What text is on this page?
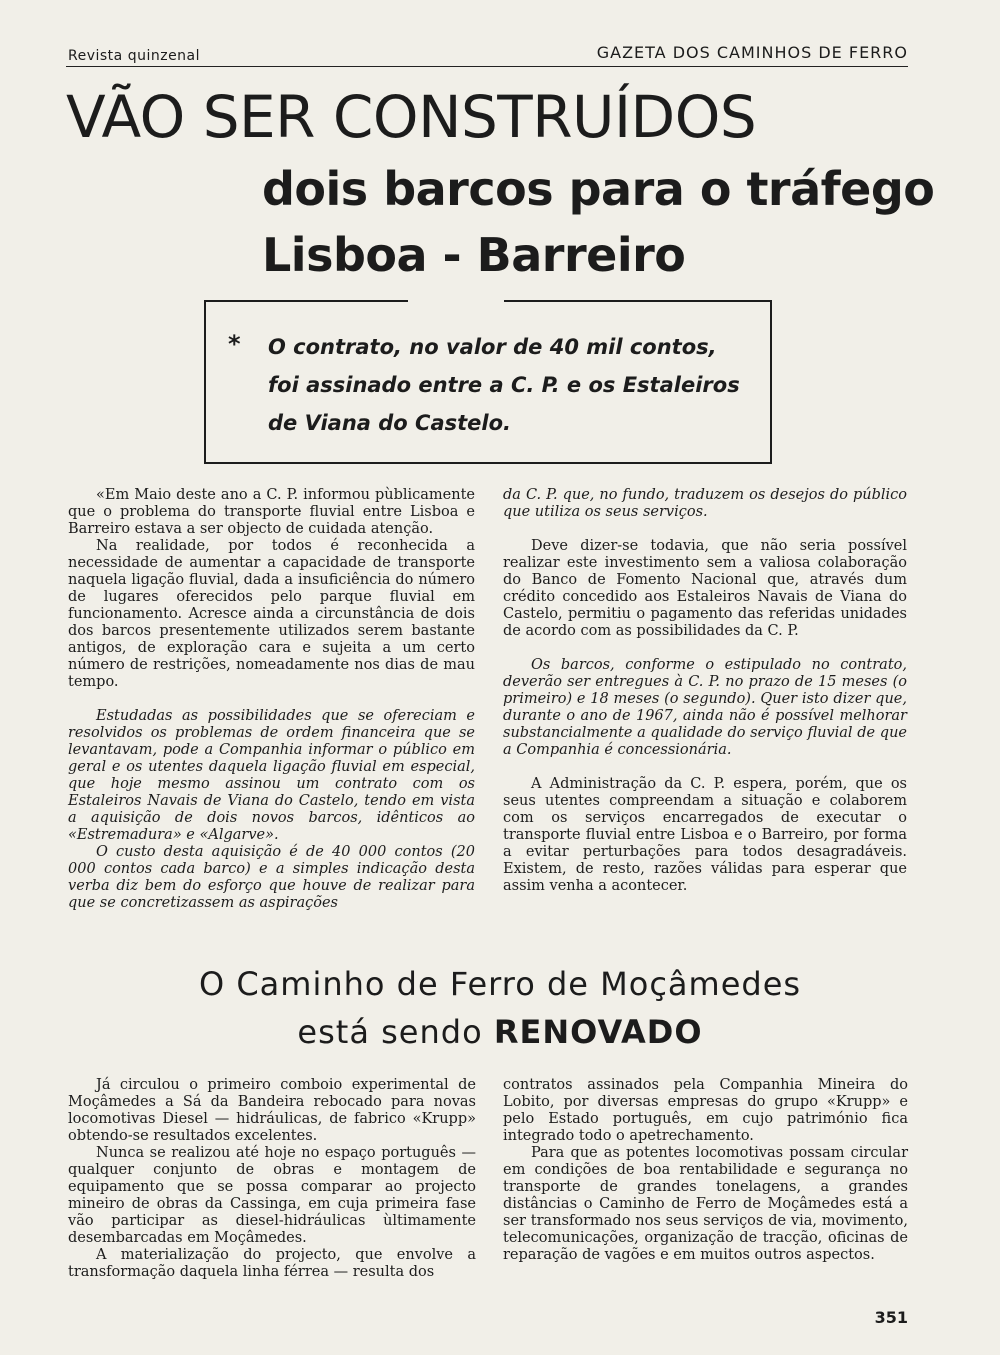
Revista quinzenal	GAZETA DOS CAMINHOS DE FERRO
VÃO SER CONSTRUÍDOS
dois barcos para o tráfego
Lisboa - Barreiro
* O contrato, no valor de 40 mil contos,
foi assinado entre a C. P. e os Estaleiros
de Viana do Castelo.

«Em Maio deste ano a C. P. informou pùblicamente que o problema do transporte fluvial entre Lisboa e Barreiro estava a ser objecto de cuidada atenção.

Na realidade, por todos é reconhecida a necessidade de aumentar a capacidade de transporte naquela ligação fluvial, dada a insuficiência do número de lugares oferecidos pelo parque fluvial em funcionamento. Acresce ainda a circunstância de dois dos barcos presentemente utilizados serem bastante antigos, de exploração cara e sujeita a um certo número de restrições, nomeadamente nos dias de mau tempo.

Estudadas as possibilidades que se ofereciam e resolvidos os problemas de ordem financeira que se levantavam, pode a Companhia informar o público em geral e os utentes daquela ligação fluvial em especial, que hoje mesmo assinou um contrato com os Estaleiros Navais de Viana do Castelo, tendo em vista a aquisição de dois novos barcos, idênticos ao «Estremadura» e «Algarve».

O custo desta aquisição é de 40 000 contos (20 000 contos cada barco) e a simples indicação desta verba diz bem do esforço que houve de realizar para que se concretizassem as aspirações

da C. P. que, no fundo, traduzem os desejos do público que utiliza os seus serviços.

Deve dizer-se todavia, que não seria possível realizar este investimento sem a valiosa colaboração do Banco de Fomento Nacional que, através dum crédito concedido aos Estaleiros Navais de Viana do Castelo, permitiu o pagamento das referidas unidades de acordo com as possibilidades da C. P.

Os barcos, conforme o estipulado no contrato, deverão ser entregues à C. P. no prazo de 15 meses (o primeiro) e 18 meses (o segundo). Quer isto dizer que, durante o ano de 1967, ainda não é possível melhorar substancialmente a qualidade do serviço fluvial de que a Companhia é concessionária.

A Administração da C. P. espera, porém, que os seus utentes compreendam a situação e colaborem com os serviços encarregados de executar o transporte fluvial entre Lisboa e o Barreiro, por forma a evitar perturbações para todos desagradáveis. Existem, de resto, razões válidas para esperar que assim venha a acontecer.

O Caminho de Ferro de Moçâmedes
está sendo RENOVADO

Já circulou o primeiro comboio experimental de Moçâmedes a Sá da Bandeira rebocado para novas locomotivas Diesel — hidráulicas, de fabrico «Krupp» obtendo-se resultados excelentes.

Nunca se realizou até hoje no espaço português — qualquer conjunto de obras e montagem de equipamento que se possa comparar ao projecto mineiro de obras da Cassinga, em cuja primeira fase vão participar as diesel-hidráulicas ùltimamente desembarcadas em Moçâmedes.

A materialização do projecto, que envolve a transformação daquela linha férrea — resulta dos

contratos assinados pela Companhia Mineira do Lobito, por diversas empresas do grupo «Krupp» e pelo Estado português, em cujo património fica integrado todo o apetrechamento.

Para que as potentes locomotivas possam circular em condições de boa rentabilidade e segurança no transporte de grandes tonelagens, a grandes distâncias o Caminho de Ferro de Moçâmedes está a ser transformado nos seus serviços de via, movimento, telecomunicações, organização de tracção, oficinas de reparação de vagões e em muitos outros aspectos.

351
